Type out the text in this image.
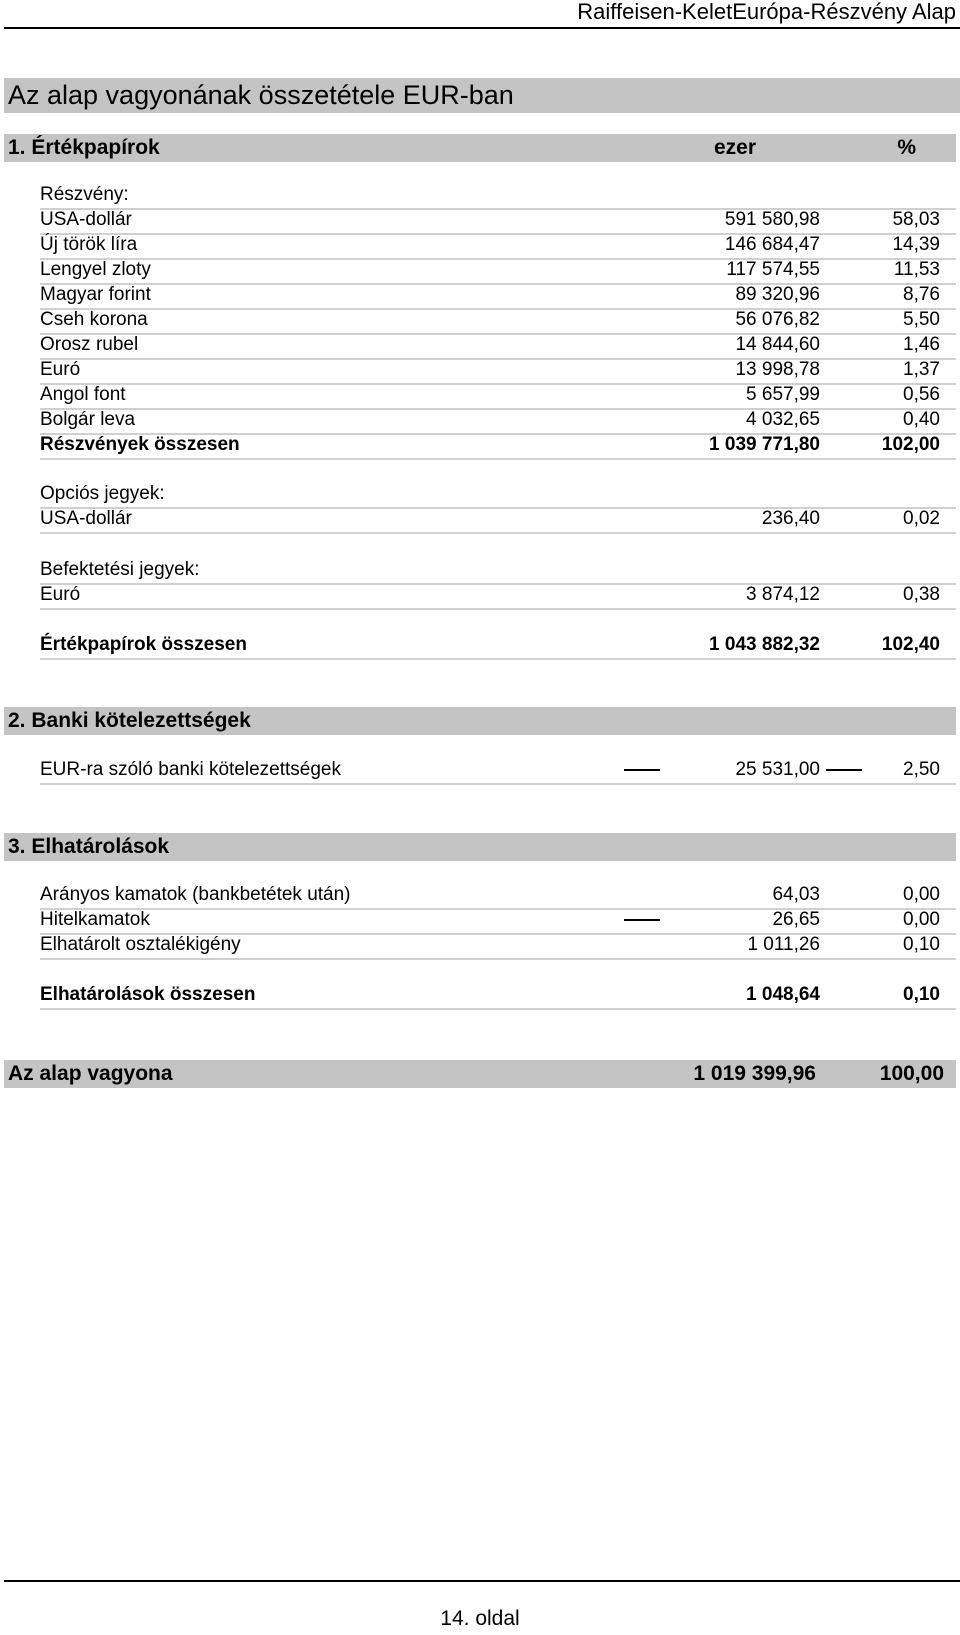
Raiffeisen-KeletEurópa-Részvény Alap
Az alap vagyonának összetétele EUR-ban
1. Értékpapírok	ezer	%
Részvény:
USA-dollár	591 580,98	58,03
Új török líra	146 684,47	14,39
Lengyel zloty	117 574,55	11,53
Magyar forint	89 320,96	8,76
Cseh korona	56 076,82	5,50
Orosz rubel	14 844,60	1,46
Euró	13 998,78	1,37
Angol font	5 657,99	0,56
Bolgár leva	4 032,65	0,40
Részvények összesen	1 039 771,80	102,00
Opciós jegyek:
USA-dollár	236,40	0,02
Befektetési jegyek:
Euró	3 874,12	0,38
Értékpapírok összesen	1 043 882,32	102,40
2. Banki kötelezettségek
EUR-ra szóló banki kötelezettségek	25 531,00	2,50
3. Elhatárolások
Arányos kamatok (bankbetétek után)	64,03	0,00
Hitelkamatok	26,65	0,00
Elhatárolt osztalékigény	1 011,26	0,10
Elhatárolások összesen	1 048,64	0,10
Az alap vagyona	1 019 399,96	100,00
14. oldal
